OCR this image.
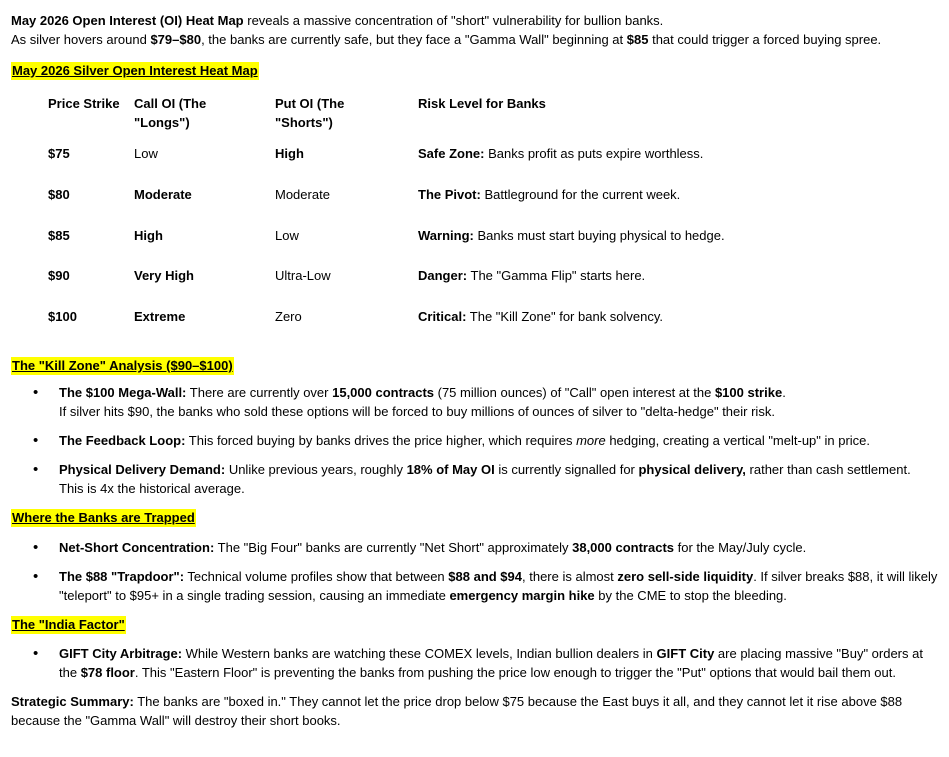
May 2026 Open Interest (OI) Heat Map reveals a massive concentration of "short" vulnerability for bullion banks.

As silver hovers around $79–$80, the banks are currently safe, but they face a "Gamma Wall" beginning at $85 that could trigger a forced buying spree.

May 2026 Silver Open Interest Heat Map

Price Strike	Call OI (The "Longs")	Put OI (The "Shorts")	Risk Level for Banks
$75	Low	High	Safe Zone: Banks profit as puts expire worthless.
$80	Moderate	Moderate	The Pivot: Battleground for the current week.
$85	High	Low	Warning: Banks must start buying physical to hedge.
$90	Very High	Ultra-Low	Danger: The "Gamma Flip" starts here.
$100	Extreme	Zero	Critical: The "Kill Zone" for bank solvency.

The "Kill Zone" Analysis ($90–$100)

• The $100 Mega-Wall: There are currently over 15,000 contracts (75 million ounces) of "Call" open interest at the $100 strike.
If silver hits $90, the banks who sold these options will be forced to buy millions of ounces of silver to "delta-hedge" their risk.
• The Feedback Loop: This forced buying by banks drives the price higher, which requires more hedging, creating a vertical "melt-up" in price.
• Physical Delivery Demand: Unlike previous years, roughly 18% of May OI is currently signalled for physical delivery, rather than cash settlement.
This is 4x the historical average.

Where the Banks are Trapped

• Net-Short Concentration: The "Big Four" banks are currently "Net Short" approximately 38,000 contracts for the May/July cycle.
• The $88 "Trapdoor": Technical volume profiles show that between $88 and $94, there is almost zero sell-side liquidity. If silver breaks $88, it will likely "teleport" to $95+ in a single trading session, causing an immediate emergency margin hike by the CME to stop the bleeding.

The "India Factor"

• GIFT City Arbitrage: While Western banks are watching these COMEX levels, Indian bullion dealers in GIFT City are placing massive "Buy" orders at the $78 floor. This "Eastern Floor" is preventing the banks from pushing the price low enough to trigger the "Put" options that would bail them out.

Strategic Summary: The banks are "boxed in." They cannot let the price drop below $75 because the East buys it all, and they cannot let it rise above $88 because the "Gamma Wall" will destroy their short books.
